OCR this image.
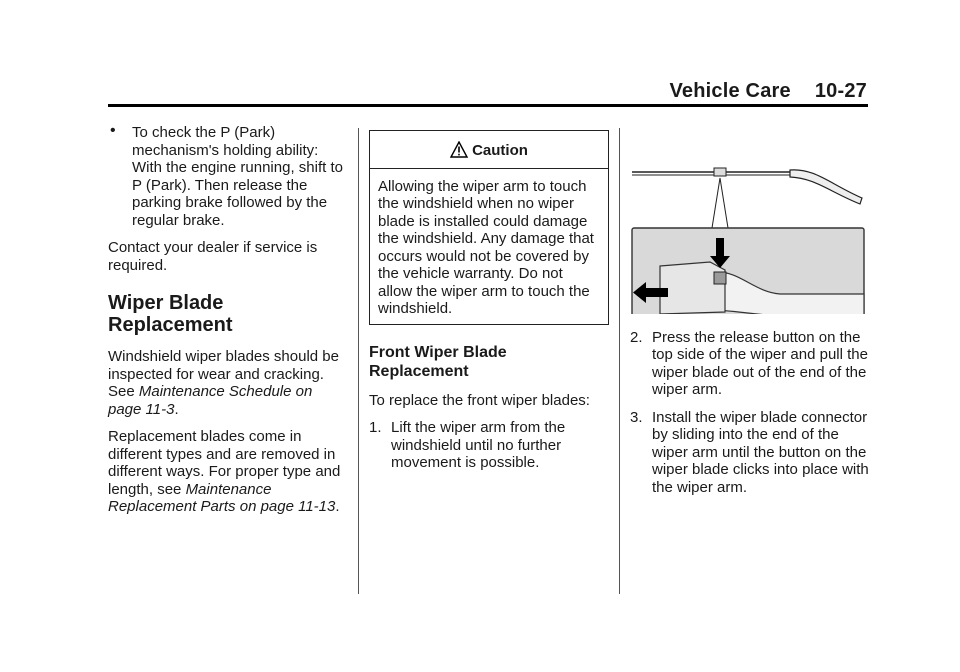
Vehicle Care 10-27
• To check the P (Park) mechanism's holding ability: With the engine running, shift to P (Park). Then release the parking brake followed by the regular brake.

Contact your dealer if service is required.

Wiper Blade Replacement

Windshield wiper blades should be inspected for wear and cracking. See Maintenance Schedule on page 11-3.

Replacement blades come in different types and are removed in different ways. For proper type and length, see Maintenance Replacement Parts on page 11-13.

Caution
Allowing the wiper arm to touch the windshield when no wiper blade is installed could damage the windshield. Any damage that occurs would not be covered by the vehicle warranty. Do not allow the wiper arm to touch the windshield.
Front Wiper Blade Replacement

To replace the front wiper blades:

1. Lift the wiper arm from the windshield until no further movement is possible.
2. Press the release button on the top side of the wiper and pull the wiper blade out of the end of the wiper arm.
3. Install the wiper blade connector by sliding into the end of the wiper arm until the button on the wiper blade clicks into place with the wiper arm.
